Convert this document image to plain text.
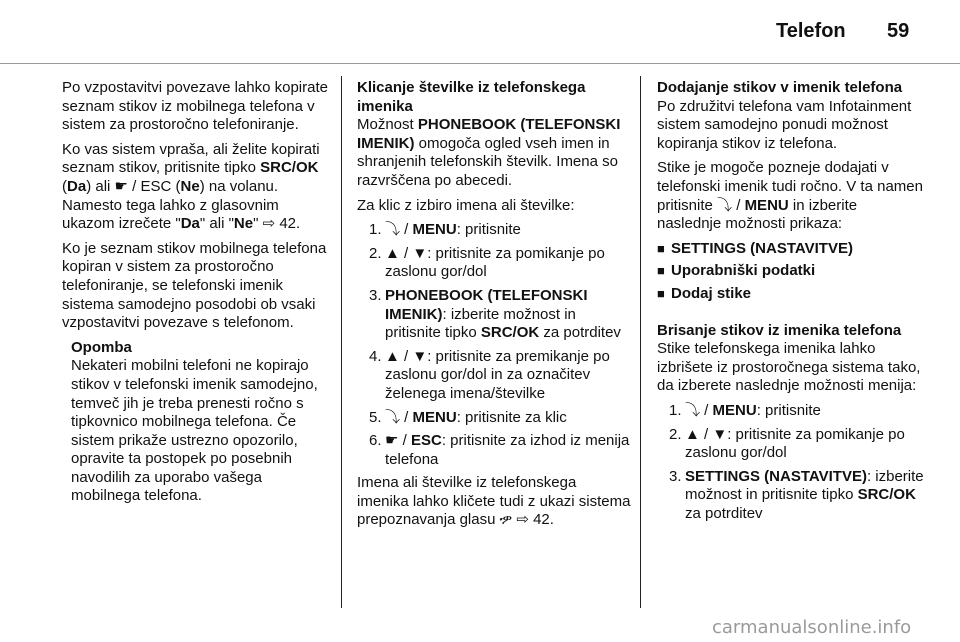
Telefon 59

Po vzpostavitvi povezave lahko kopirate seznam stikov iz mobilnega telefona v sistem za prostoročno telefoniranje.

Ko vas sistem vpraša, ali želite kopirati seznam stikov, pritisnite tipko SRC/OK (Da) ali ☛ / ESC (Ne) na volanu. Namesto tega lahko z glasovnim ukazom izrečete "Da" ali "Ne" ⇨ 42.

Ko je seznam stikov mobilnega telefona kopiran v sistem za prostoročno telefoniranje, se telefonski imenik sistema samodejno posodobi ob vsaki vzpostavitvi povezave s telefonom.

Opomba
Nekateri mobilni telefoni ne kopirajo stikov v telefonski imenik samodejno, temveč jih je treba prenesti ročno s tipkovnico mobilnega telefona. Če sistem prikaže ustrezno opozorilo, opravite ta postopek po posebnih navodilih za uporabo vašega mobilnega telefona.
Klicanje številke iz telefonskega imenika

Možnost PHONEBOOK (TELEFONSKI IMENIK) omogoča ogled vseh imen in shranjenih telefonskih številk. Imena so razvrščena po abecedi.

Za klic z izbiro imena ali številke:

1. ⤵ / MENU: pritisnite
2. ▲ / ▼: pritisnite za pomikanje po zaslonu gor/dol
3. PHONEBOOK (TELEFONSKI IMENIK): izberite možnost in pritisnite tipko SRC/OK za potrditev
4. ▲ / ▼: pritisnite za premikanje po zaslonu gor/dol in za označitev želenega imena/številke
5. ⤵ / MENU: pritisnite za klic
6. ☛ / ESC: pritisnite za izhod iz menija telefona

Imena ali številke iz telefonskega imenika lahko kličete tudi z ukazi sistema prepoznavanja glasu ዏ ⇨ 42.

Dodajanje stikov v imenik telefona

Po združitvi telefona vam Infotainment sistem samodejno ponudi možnost kopiranja stikov iz telefona.

Stike je mogoče pozneje dodajati v telefonski imenik tudi ročno. V ta namen pritisnite ⤵ / MENU in izberite naslednje možnosti prikaza:

■ SETTINGS (NASTAVITVE)
■ Uporabniški podatki
■ Dodaj stike
Brisanje stikov iz imenika telefona

Stike telefonskega imenika lahko izbrišete iz prostoročnega sistema tako, da izberete naslednje možnosti menija:

1. ⤵ / MENU: pritisnite
2. ▲ / ▼: pritisnite za pomikanje po zaslonu gor/dol
3. SETTINGS (NASTAVITVE): izberite možnost in pritisnite tipko SRC/OK za potrditev
carmanualsonline.info
